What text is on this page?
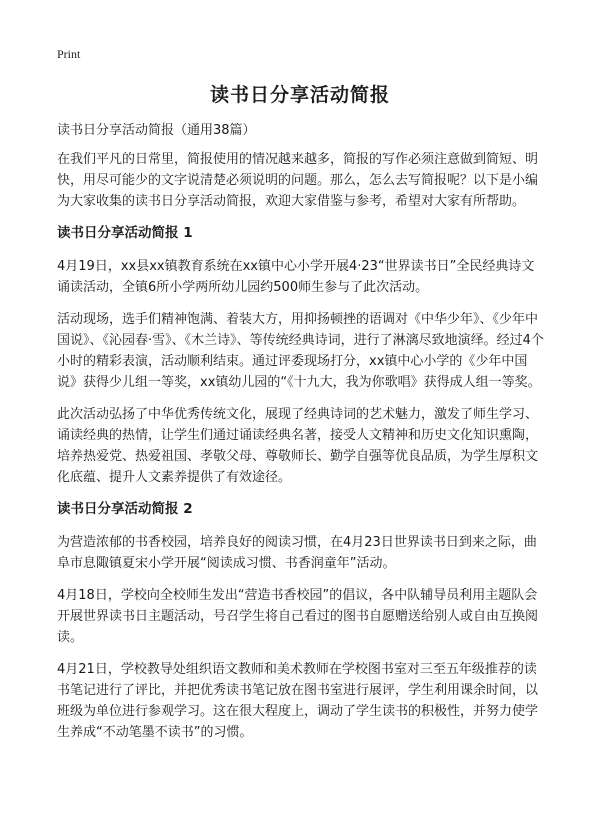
Print
读书日分享活动简报

读书日分享活动简报（通用38篇）

在我们平凡的日常里，简报使用的情况越来越多，简报的写作必须注意做到简短、明快，用尽可能少的文字说清楚必须说明的问题。那么，怎么去写简报呢？以下是小编为大家收集的读书日分享活动简报，欢迎大家借鉴与参考，希望对大家有所帮助。

读书日分享活动简报 1

4月19日，xx县xx镇教育系统在xx镇中心小学开展4·23“世界读书日”全民经典诗文诵读活动，全镇6所小学两所幼儿园约500师生参与了此次活动。

活动现场，选手们精神饱满、着装大方，用抑扬顿挫的语调对《中华少年》、《少年中国说》、《沁园春·雪》、《木兰诗》、等传统经典诗词，进行了淋漓尽致地演绎。经过4个小时的精彩表演，活动顺利结束。通过评委现场打分，xx镇中心小学的《少年中国说》获得少儿组一等奖，xx镇幼儿园的“《十九大，我为你歌唱》获得成人组一等奖。

此次活动弘扬了中华优秀传统文化，展现了经典诗词的艺术魅力，激发了师生学习、诵读经典的热情，让学生们通过诵读经典名著，接受人文精神和历史文化知识熏陶，培养热爱党、热爱祖国、孝敬父母、尊敬师长、勤学自强等优良品质，为学生厚积文化底蕴、提升人文素养提供了有效途径。

读书日分享活动简报 2

为营造浓郁的书香校园，培养良好的阅读习惯，在4月23日世界读书日到来之际，曲阜市息陬镇夏宋小学开展“阅读成习惯、书香润童年”活动。

4月18日，学校向全校师生发出“营造书香校园”的倡议，各中队辅导员利用主题队会开展世界读书日主题活动，号召学生将自己看过的图书自愿赠送给别人或自由互换阅读。

4月21日，学校教导处组织语文教师和美术教师在学校图书室对三至五年级推荐的读书笔记进行了评比，并把优秀读书笔记放在图书室进行展评，学生利用课余时间，以班级为单位进行参观学习。这在很大程度上，调动了学生读书的积极性，并努力使学生养成“不动笔墨不读书”的习惯。
